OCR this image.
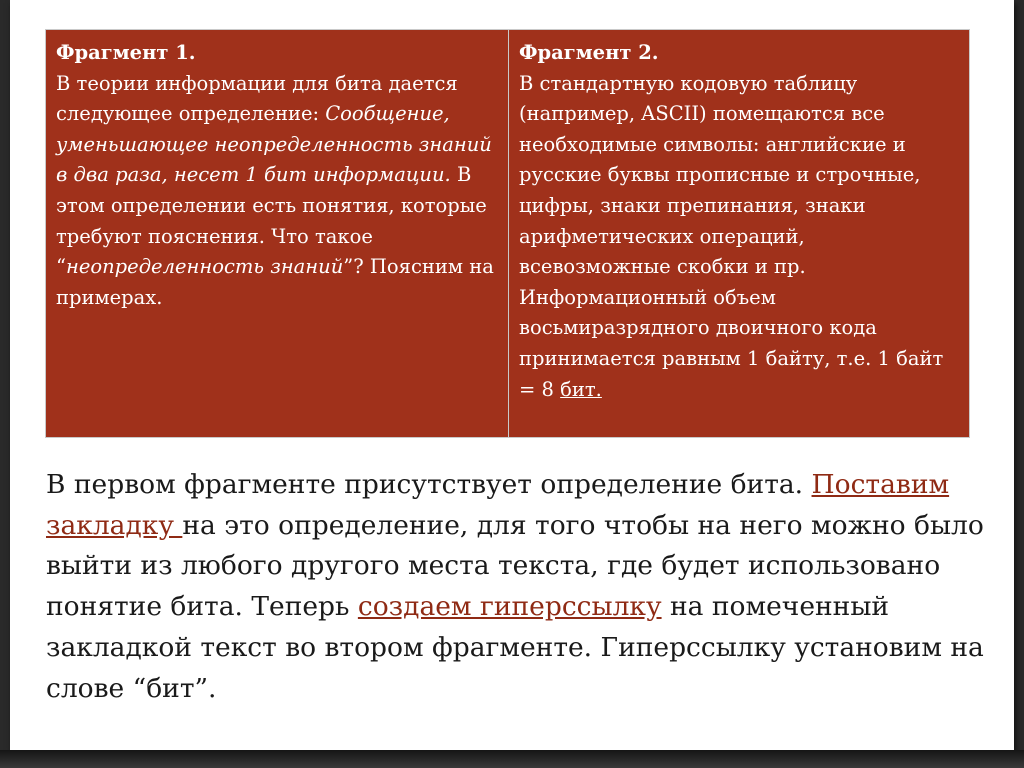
Фрагмент 1.
В теории информации для бита дается следующее определение: Сообщение, уменьшающее неопределенность знаний в два раза, несет 1 бит информации. В этом определении есть понятия, которые требуют пояснения. Что такое “неопределенность знаний”? Поясним на примерах.

Фрагмент 2.
В стандартную кодовую таблицу (например, ASCII) помещаются все необходимые символы: английские и русские буквы прописные и строчные, цифры, знаки препинания, знаки арифметических операций, всевозможные скобки и пр. Информационный объем восьмиразрядного двоичного кода принимается равным 1 байту, т.е. 1 байт = 8 бит.
В первом фрагменте присутствует определение бита. Поставим закладку на это определение, для того чтобы на него можно было выйти из любого другого места текста, где будет использовано понятие бита. Теперь создаем гиперссылку на помеченный закладкой текст во втором фрагменте. Гиперссылку установим на слове “бит”.
